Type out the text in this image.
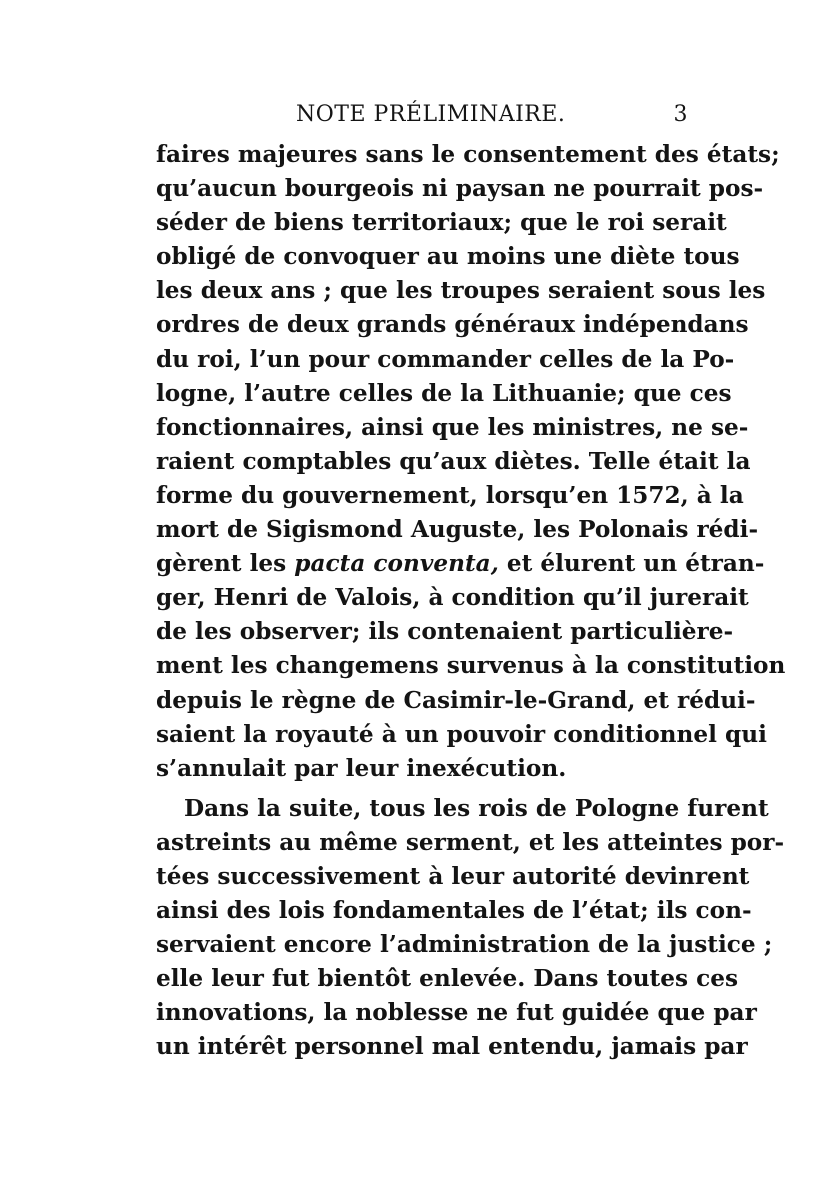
NOTE PRÉLIMINAIRE.	3
faires majeures sans le consentement des états;
qu’aucun bourgeois ni paysan ne pourrait pos-
séder de biens territoriaux; que le roi serait
obligé de convoquer au moins une diète tous
les deux ans ; que les troupes seraient sous les
ordres de deux grands généraux indépendans
du roi, l’un pour commander celles de la Po-
logne, l’autre celles de la Lithuanie; que ces
fonctionnaires, ainsi que les ministres, ne se-
raient comptables qu’aux diètes. Telle était la
forme du gouvernement, lorsqu’en 1572, à la
mort de Sigismond Auguste, les Polonais rédi-
gèrent les pacta conventa, et élurent un étran-
ger, Henri de Valois, à condition qu’il jurerait
de les observer; ils contenaient particulière-
ment les changemens survenus à la constitution
depuis le règne de Casimir-le-Grand, et rédui-
saient la royauté à un pouvoir conditionnel qui
s’annulait par leur inexécution.
Dans la suite, tous les rois de Pologne furent
astreints au même serment, et les atteintes por-
tées successivement à leur autorité devinrent
ainsi des lois fondamentales de l’état; ils con-
servaient encore l’administration de la justice ;
elle leur fut bientôt enlevée. Dans toutes ces
innovations, la noblesse ne fut guidée que par
un intérêt personnel mal entendu, jamais par
